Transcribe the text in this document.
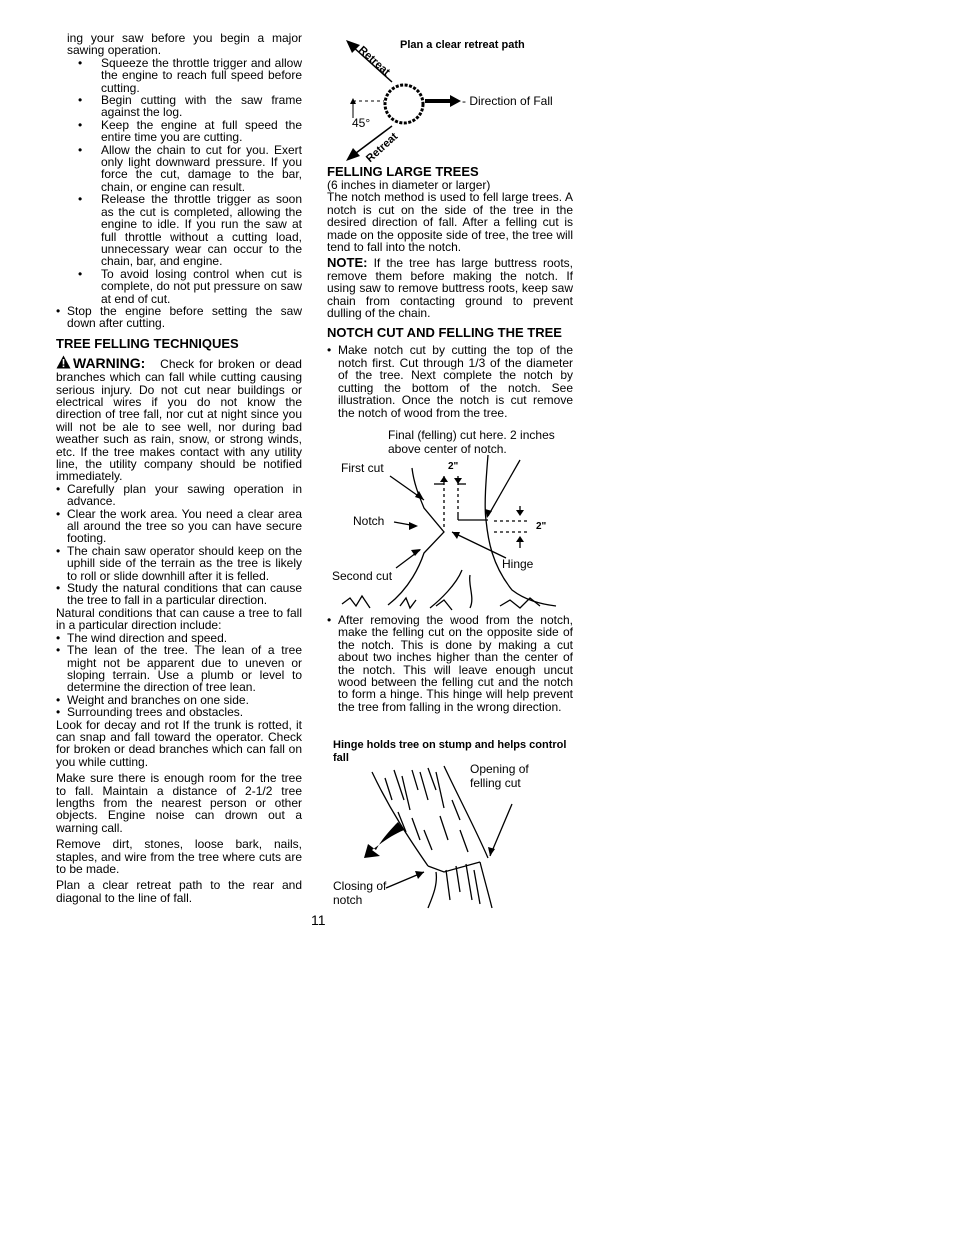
ing your saw before you begin a major sawing operation.

• Squeeze the throttle trigger and allow the engine to reach full speed before cutting.
• Begin cutting with the saw frame against the log.
• Keep the engine at full speed the entire time you are cutting.
• Allow the chain to cut for you. Exert only light downward pressure. If you force the cut, damage to the bar, chain, or engine can result.
• Release the throttle trigger as soon as the cut is completed, allowing the engine to idle. If you run the saw at full throttle without a cutting load, unnecessary wear can occur to the chain, bar, and engine.
• To avoid losing control when cut is complete, do not put pressure on saw at end of cut.
• Stop the engine before setting the saw down after cutting.
TREE FELLING TECHNIQUES

WARNING: Check for broken or dead branches which can fall while cutting causing serious injury. Do not cut near buildings or electrical wires if you do not know the direction of tree fall, nor cut at night since you will not be ale to see well, nor during bad weather such as rain, snow, or strong winds, etc. If the tree makes contact with any utility line, the utility company should be notified immediately.

• Carefully plan your sawing operation in advance.
• Clear the work area. You need a clear area all around the tree so you can have secure footing.
• The chain saw operator should keep on the uphill side of the terrain as the tree is likely to roll or slide downhill after it is felled.
• Study the natural conditions that can cause the tree to fall in a particular direction.

Natural conditions that can cause a tree to fall in a particular direction include:

• The wind direction and speed.
• The lean of the tree. The lean of a tree might not be apparent due to uneven or sloping terrain. Use a plumb or level to determine the direction of tree lean.
• Weight and branches on one side.
• Surrounding trees and obstacles.

Look for decay and rot If the trunk is rotted, it can snap and fall toward the operator. Check for broken or dead branches which can fall on you while cutting.

Make sure there is enough room for the tree to fall. Maintain a distance of 2-1/2 tree lengths from the nearest person or other objects. Engine noise can drown out a warning call.

Remove dirt, stones, loose bark, nails, staples, and wire from the tree where cuts are to be made.

Plan a clear retreat path to the rear and diagonal to the line of fall.

Plan a clear retreat path
Retreat
Retreat
- Direction of Fall
45°
FELLING LARGE TREES

(6 inches in diameter or larger)

The notch method is used to fell large trees. A notch is cut on the side of the tree in the desired direction of fall. After a felling cut is made on the opposite side of tree, the tree will tend to fall into the notch.

NOTE: If the tree has large buttress roots, remove them before making the notch. If using saw to remove buttress roots, keep saw chain from contacting ground to prevent dulling of the chain.

NOTCH CUT AND FELLING THE TREE
• Make notch cut by cutting the top of the notch first. Cut through 1/3 of the diameter of the tree. Next complete the notch by cutting the bottom of the notch. See illustration. Once the notch is cut remove the notch of wood from the tree.
Final (felling) cut here. 2 inches above center of notch.
First cut
Notch
Second cut
Hinge
2"
2"
• After removing the wood from the notch, make the felling cut on the opposite side of the notch. This is done by making a cut about two inches higher than the center of the notch. This will leave enough uncut wood between the felling cut and the notch to form a hinge. This hinge will help prevent the tree from falling in the wrong direction.
Hinge holds tree on stump and helps control fall
Opening of felling cut
Closing of notch
11
